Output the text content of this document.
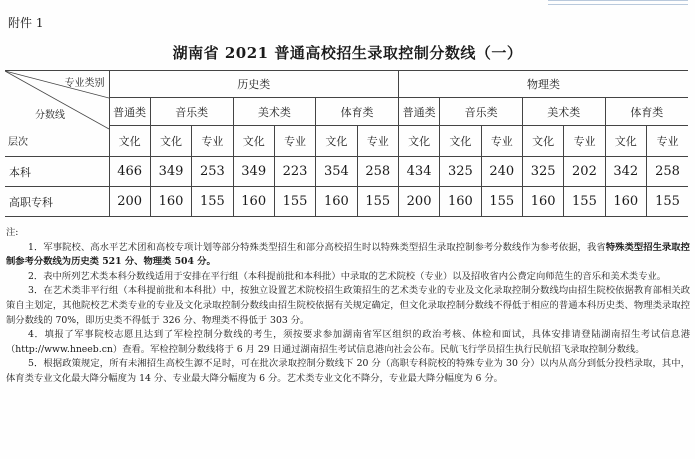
附件 1
湖南省 2021 普通高校招生录取控制分数线（一）
专业类别
分数线
层次	历史类							物理类						
	普通类	音乐类		美术类		体育类		普通类	音乐类		美术类		体育类	
	文化	文化	专业	文化	专业	文化	专业	文化	文化	专业	文化	专业	文化	专业
本科	466	349	253	349	223	354	258	434	325	240	325	202	342	258
高职专科	200	160	155	160	155	160	155	200	160	155	160	155	160	155

注:

1．军事院校、高水平艺术团和高校专项计划等部分特殊类型招生和部分高校招生时以特殊类型招生录取控制参考分数线作为参考依据，我省特殊类型招生录取控制参考分数线为历史类 521 分、物理类 504 分。

2．表中所列艺术类本科分数线适用于安排在平行组（本科提前批和本科批）中录取的艺术院校（专业）以及招收省内公费定向师范生的音乐和美术类专业。

3．在艺术类非平行组（本科提前批和本科批）中，按独立设置艺术院校招生政策招生的艺术类专业的专业及文化录取控制分数线均由招生院校依据教育部相关政策自主划定，其他院校艺术类专业的专业及文化录取控制分数线由招生院校依据有关规定确定，但文化录取控制分数线不得低于相应的普通本科历史类、物理类录取控制分数线的 70%，即历史类不得低于 326 分、物理类不得低于 303 分。

4．填报了军事院校志愿且达到了军检控制分数线的考生，须按要求参加湖南省军区组织的政治考核、体检和面试，具体安排请登陆湖南招生考试信息港（http://www.hneeb.cn）查看。军检控制分数线将于 6 月 29 日通过湖南招生考试信息港向社会公布。民航飞行学员招生执行民航招飞录取控制分数线。

5．根据政策规定，所有未湘招生高校生源不足时，可在批次录取控制分数线下 20 分（高职专科院校的特殊专业为 30 分）以内从高分到低分投档录取，其中，体育类专业文化最大降分幅度为 14 分、专业最大降分幅度为 6 分。艺术类专业文化不降分，专业最大降分幅度为 6 分。
